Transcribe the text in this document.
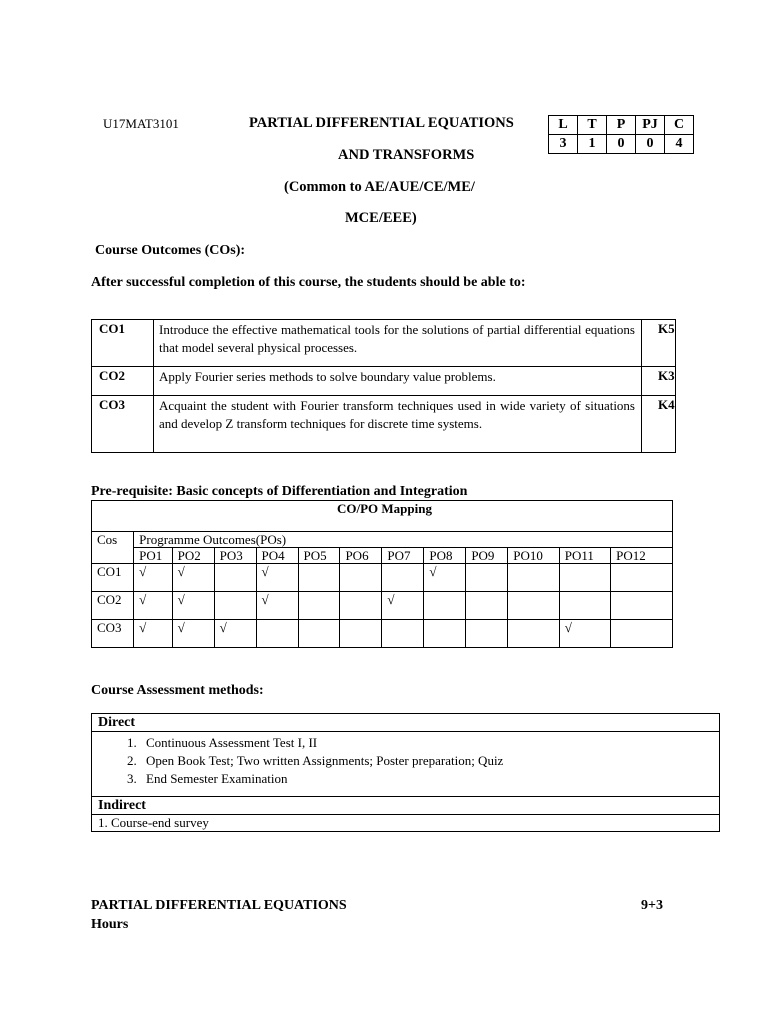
U17MAT3101	PARTIAL DIFFERENTIAL EQUATIONS
AND TRANSFORMS
(Common to AE/AUE/CE/ME/
MCE/EEE)
L	T	P	PJ	C
3	1	0	0	4
Course Outcomes (COs):
After successful completion of this course, the students should be able to:
CO1	Introduce the effective mathematical tools for the solutions of partial differential equations that model several physical processes.	K5
CO2	Apply Fourier series methods to solve boundary value problems.	K3
CO3	Acquaint the student with Fourier transform techniques used in wide variety of situations and develop Z transform techniques for discrete time systems.	K4
Pre-requisite: Basic concepts of Differentiation and Integration
CO/PO Mapping												
Cos	Programme Outcomes(POs)											
	PO1	PO2	PO3	PO4	PO5	PO6	PO7	PO8	PO9	PO10	PO11	PO12
CO1	√	√		√				√				
CO2	√	√		√			√					
CO3	√	√	√								√	
Course Assessment methods:
Direct

1. Continuous Assessment Test I, II
2. Open Book Test; Two written Assignments; Poster preparation; Quiz
3. End Semester Examination

Indirect
1. Course-end survey
PARTIAL DIFFERENTIAL EQUATIONS	9+3
Hours
